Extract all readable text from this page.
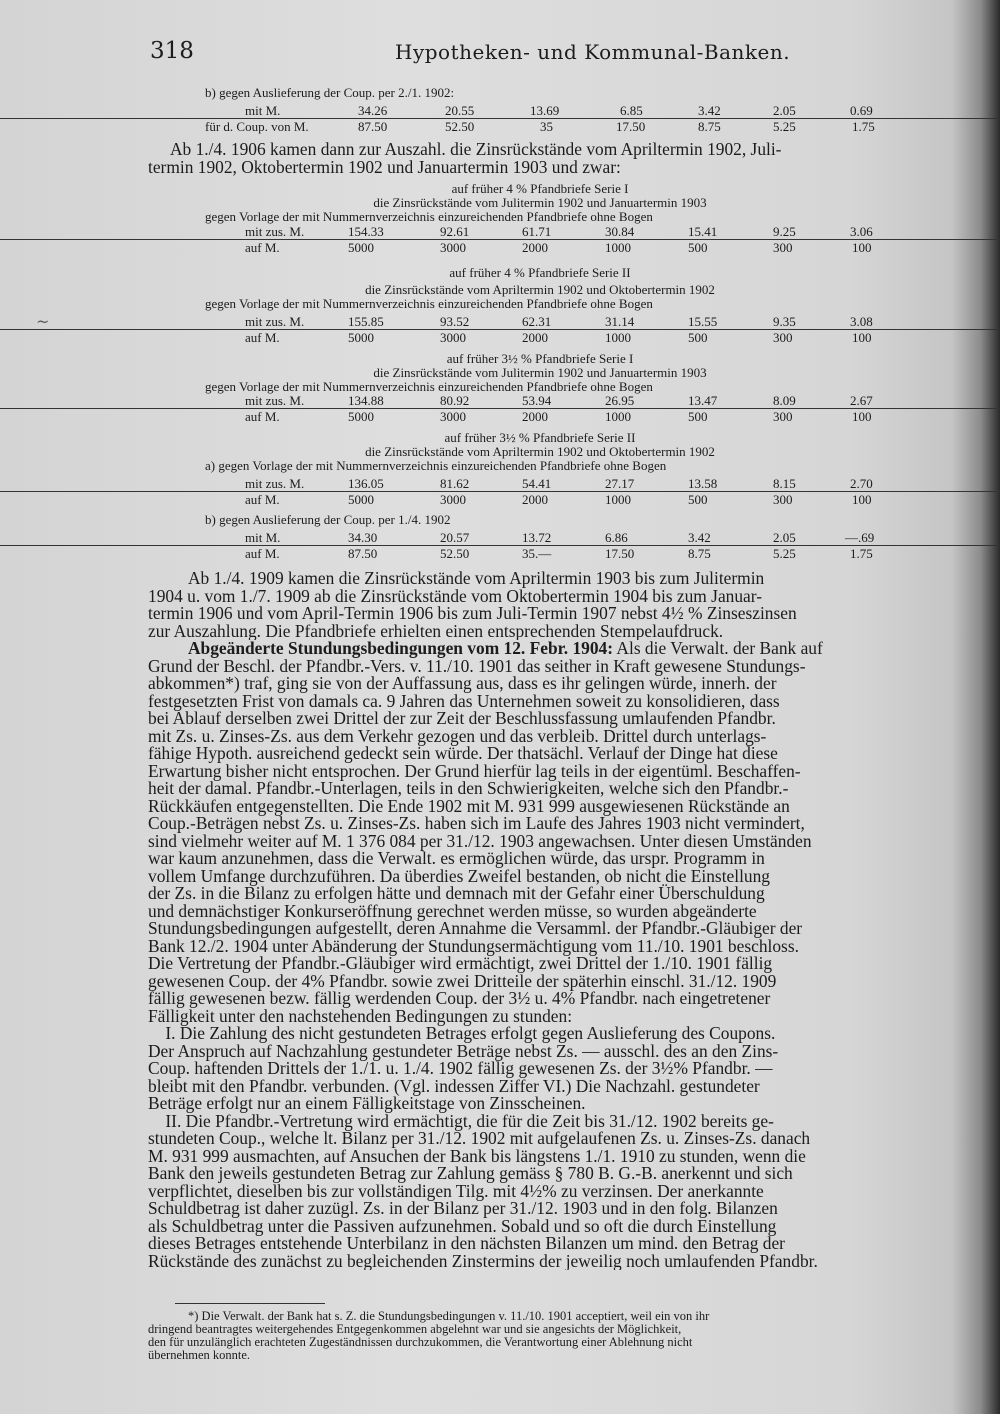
~
318	Hypotheken- und Kommunal-Banken.
b) gegen Auslieferung der Coup. per 2./1. 1902:
mit M.	34.26	20.55	13.69	6.85	3.42	2.05	0.69
für d. Coup. von M.	87.50	52.50	35	17.50	8.75	5.25	1.75
Ab 1./4. 1906 kamen dann zur Auszahl. die Zinsrückstände vom Apriltermin 1902, Juli-
termin 1902, Oktobertermin 1902 und Januartermin 1903 und zwar:
auf früher 4 % Pfandbriefe Serie I
die Zinsrückstände vom Julitermin 1902 und Januartermin 1903
gegen Vorlage der mit Nummernverzeichnis einzureichenden Pfandbriefe ohne Bogen
mit zus. M.	154.33	92.61	61.71	30.84	15.41	9.25	3.06
auf M.	5000	3000	2000	1000	500	300	100
auf früher 4 % Pfandbriefe Serie II
die Zinsrückstände vom Apriltermin 1902 und Oktobertermin 1902
gegen Vorlage der mit Nummernverzeichnis einzureichenden Pfandbriefe ohne Bogen
mit zus. M.	155.85	93.52	62.31	31.14	15.55	9.35	3.08
auf M.	5000	3000	2000	1000	500	300	100
auf früher 3½ % Pfandbriefe Serie I
die Zinsrückstände vom Julitermin 1902 und Januartermin 1903
gegen Vorlage der mit Nummernverzeichnis einzureichenden Pfandbriefe ohne Bogen
mit zus. M.	134.88	80.92	53.94	26.95	13.47	8.09	2.67
auf M.	5000	3000	2000	1000	500	300	100
auf früher 3½ % Pfandbriefe Serie II
die Zinsrückstände vom Apriltermin 1902 und Oktobertermin 1902
a) gegen Vorlage der mit Nummernverzeichnis einzureichenden Pfandbriefe ohne Bogen
mit zus. M.	136.05	81.62	54.41	27.17	13.58	8.15	2.70
auf M.	5000	3000	2000	1000	500	300	100
b) gegen Auslieferung der Coup. per 1./4. 1902
mit M.	34.30	20.57	13.72	6.86	3.42	2.05	—.69
auf M.	87.50	52.50	35.—	17.50	8.75	5.25	1.75
Ab 1./4. 1909 kamen die Zinsrückstände vom Apriltermin 1903 bis zum Julitermin
1904 u. vom 1./7. 1909 ab die Zinsrückstände vom Oktobertermin 1904 bis zum Januar-
termin 1906 und vom April-Termin 1906 bis zum Juli-Termin 1907 nebst 4½ % Zinseszinsen
zur Auszahlung. Die Pfandbriefe erhielten einen entsprechenden Stempelaufdruck.
Abgeänderte Stundungsbedingungen vom 12. Febr. 1904: Als die Verwalt. der Bank auf
Grund der Beschl. der Pfandbr.-Vers. v. 11./10. 1901 das seither in Kraft gewesene Stundungs-
abkommen*) traf, ging sie von der Auffassung aus, dass es ihr gelingen würde, innerh. der
festgesetzten Frist von damals ca. 9 Jahren das Unternehmen soweit zu konsolidieren, dass
bei Ablauf derselben zwei Drittel der zur Zeit der Beschlussfassung umlaufenden Pfandbr.
mit Zs. u. Zinses-Zs. aus dem Verkehr gezogen und das verbleib. Drittel durch unterlags-
fähige Hypoth. ausreichend gedeckt sein würde. Der thatsächl. Verlauf der Dinge hat diese
Erwartung bisher nicht entsprochen. Der Grund hierfür lag teils in der eigentüml. Beschaffen-
heit der damal. Pfandbr.-Unterlagen, teils in den Schwierigkeiten, welche sich den Pfandbr.-
Rückkäufen entgegenstellten. Die Ende 1902 mit M. 931 999 ausgewiesenen Rückstände an
Coup.-Beträgen nebst Zs. u. Zinses-Zs. haben sich im Laufe des Jahres 1903 nicht vermindert,
sind vielmehr weiter auf M. 1 376 084 per 31./12. 1903 angewachsen. Unter diesen Umständen
war kaum anzunehmen, dass die Verwalt. es ermöglichen würde, das urspr. Programm in
vollem Umfange durchzuführen. Da überdies Zweifel bestanden, ob nicht die Einstellung
der Zs. in die Bilanz zu erfolgen hätte und demnach mit der Gefahr einer Überschuldung
und demnächstiger Konkurseröffnung gerechnet werden müsse, so wurden abgeänderte
Stundungsbedingungen aufgestellt, deren Annahme die Versamml. der Pfandbr.-Gläubiger der
Bank 12./2. 1904 unter Abänderung der Stundungsermächtigung vom 11./10. 1901 beschloss.
Die Vertretung der Pfandbr.-Gläubiger wird ermächtigt, zwei Drittel der 1./10. 1901 fällig
gewesenen Coup. der 4% Pfandbr. sowie zwei Dritteile der späterhin einschl. 31./12. 1909
fällig gewesenen bezw. fällig werdenden Coup. der 3½ u. 4% Pfandbr. nach eingetretener
Fälligkeit unter den nachstehenden Bedingungen zu stunden:
I. Die Zahlung des nicht gestundeten Betrages erfolgt gegen Auslieferung des Coupons.
Der Anspruch auf Nachzahlung gestundeter Beträge nebst Zs. — ausschl. des an den Zins-
Coup. haftenden Drittels der 1./1. u. 1./4. 1902 fällig gewesenen Zs. der 3½% Pfandbr. —
bleibt mit den Pfandbr. verbunden. (Vgl. indessen Ziffer VI.) Die Nachzahl. gestundeter
Beträge erfolgt nur an einem Fälligkeitstage von Zinsscheinen.
II. Die Pfandbr.-Vertretung wird ermächtigt, die für die Zeit bis 31./12. 1902 bereits ge-
stundeten Coup., welche lt. Bilanz per 31./12. 1902 mit aufgelaufenen Zs. u. Zinses-Zs. danach
M. 931 999 ausmachten, auf Ansuchen der Bank bis längstens 1./1. 1910 zu stunden, wenn die
Bank den jeweils gestundeten Betrag zur Zahlung gemäss § 780 B. G.-B. anerkennt und sich
verpflichtet, dieselben bis zur vollständigen Tilg. mit 4½% zu verzinsen. Der anerkannte
Schuldbetrag ist daher zuzügl. Zs. in der Bilanz per 31./12. 1903 und in den folg. Bilanzen
als Schuldbetrag unter die Passiven aufzunehmen. Sobald und so oft die durch Einstellung
dieses Betrages entstehende Unterbilanz in den nächsten Bilanzen um mind. den Betrag der
Rückstände des zunächst zu begleichenden Zinstermins der jeweilig noch umlaufenden Pfandbr.
*) Die Verwalt. der Bank hat s. Z. die Stundungsbedingungen v. 11./10. 1901 acceptiert, weil ein von ihr
dringend beantragtes weitergehendes Entgegenkommen abgelehnt war und sie angesichts der Möglichkeit,
den für unzulänglich erachteten Zugeständnissen durchzukommen, die Verantwortung einer Ablehnung nicht
übernehmen konnte.
